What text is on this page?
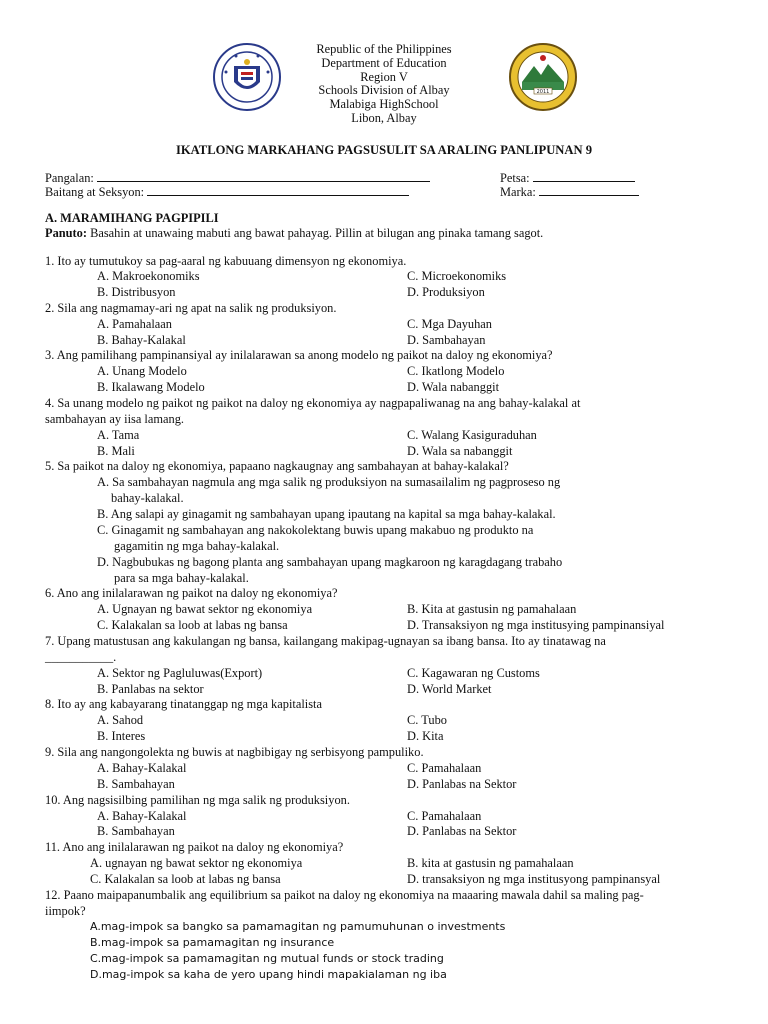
2011
Republic of the Philippines
Department of Education
Region V
Schools Division of Albay
Malabiga HighSchool
Libon, Albay
IKATLONG MARKAHANG PAGSUSULIT SA ARALING PANLIPUNAN 9
Pangalan:	Petsa:
Baitang at Seksyon:	Marka:
A. MARAMIHANG PAGPIPILI
Panuto: Basahin at unawaing mabuti ang bawat pahayag. Pillin at bilugan ang pinaka tamang sagot.
1. Ito ay tumutukoy sa pag-aaral ng kabuuang dimensyon ng ekonomiya.
A. Makroekonomiks	C. Microekonomiks
B. Distribusyon	D. Produksiyon
2. Sila ang nagmamay-ari ng apat na salik ng produksiyon.
A. Pamahalaan	C. Mga Dayuhan
B. Bahay-Kalakal	D. Sambahayan
3. Ang pamilihang pampinansiyal ay inilalarawan sa anong modelo ng paikot na daloy ng ekonomiya?
A. Unang Modelo	C. Ikatlong Modelo
B. Ikalawang Modelo	D. Wala nabanggit
4. Sa unang modelo ng paikot ng paikot na daloy ng ekonomiya ay nagpapaliwanag na ang bahay-kalakal at
sambahayan ay iisa lamang.
A. Tama	C. Walang Kasiguraduhan
B. Mali	D. Wala sa nabanggit
5. Sa paikot na daloy ng ekonomiya, papaano nagkaugnay ang sambahayan at bahay-kalakal?
A. Sa sambahayan nagmula ang mga salik ng produksiyon na sumasailalim ng pagproseso ng
bahay-kalakal.
B. Ang salapi ay ginagamit ng sambahayan upang ipautang na kapital sa mga bahay-kalakal.
C. Ginagamit ng sambahayan ang nakokolektang buwis upang makabuo ng produkto na
gagamitin ng mga bahay-kalakal.
D. Nagbubukas ng bagong planta ang sambahayan upang magkaroon ng karagdagang trabaho
para sa mga bahay-kalakal.
6. Ano ang inilalarawan ng paikot na daloy ng ekonomiya?
A. Ugnayan ng bawat sektor ng ekonomiya	B. Kita at gastusin ng pamahalaan
C. Kalakalan sa loob at labas ng bansa	D. Transaksiyon ng mga institusying pampinansiyal
7. Upang matustusan ang kakulangan ng bansa, kailangang makipag-ugnayan sa ibang bansa. Ito ay tinatawag na
___________.
A. Sektor ng Pagluluwas(Export)	C. Kagawaran ng Customs
B. Panlabas na sektor	D. World Market
8. Ito ay ang kabayarang tinatanggap ng mga kapitalista
A. Sahod	C. Tubo
B. Interes	D. Kita
9. Sila ang nangongolekta ng buwis at nagbibigay ng serbisyong pampuliko.
A. Bahay-Kalakal	C. Pamahalaan
B. Sambahayan	D. Panlabas na Sektor
10. Ang nagsisilbing pamilihan ng mga salik ng produksiyon.
A. Bahay-Kalakal	C. Pamahalaan
B. Sambahayan	D. Panlabas na Sektor
11. Ano ang inilalarawan ng paikot na daloy ng ekonomiya?
A. ugnayan ng bawat sektor ng ekonomiya	B. kita at gastusin ng pamahalaan
C. Kalakalan sa loob at labas ng bansa	D. transaksiyon ng mga institusyong pampinansyal
12. Paano maipapanumbalik ang equilibrium sa paikot na daloy ng ekonomiya na maaaring mawala dahil sa maling pag-
iimpok?
A.mag-impok sa bangko sa pamamagitan ng pamumuhunan o investments
B.mag-impok sa pamamagitan ng insurance
C.mag-impok sa pamamagitan ng mutual funds or stock trading
D.mag-impok sa kaha de yero upang hindi mapakialaman ng iba
